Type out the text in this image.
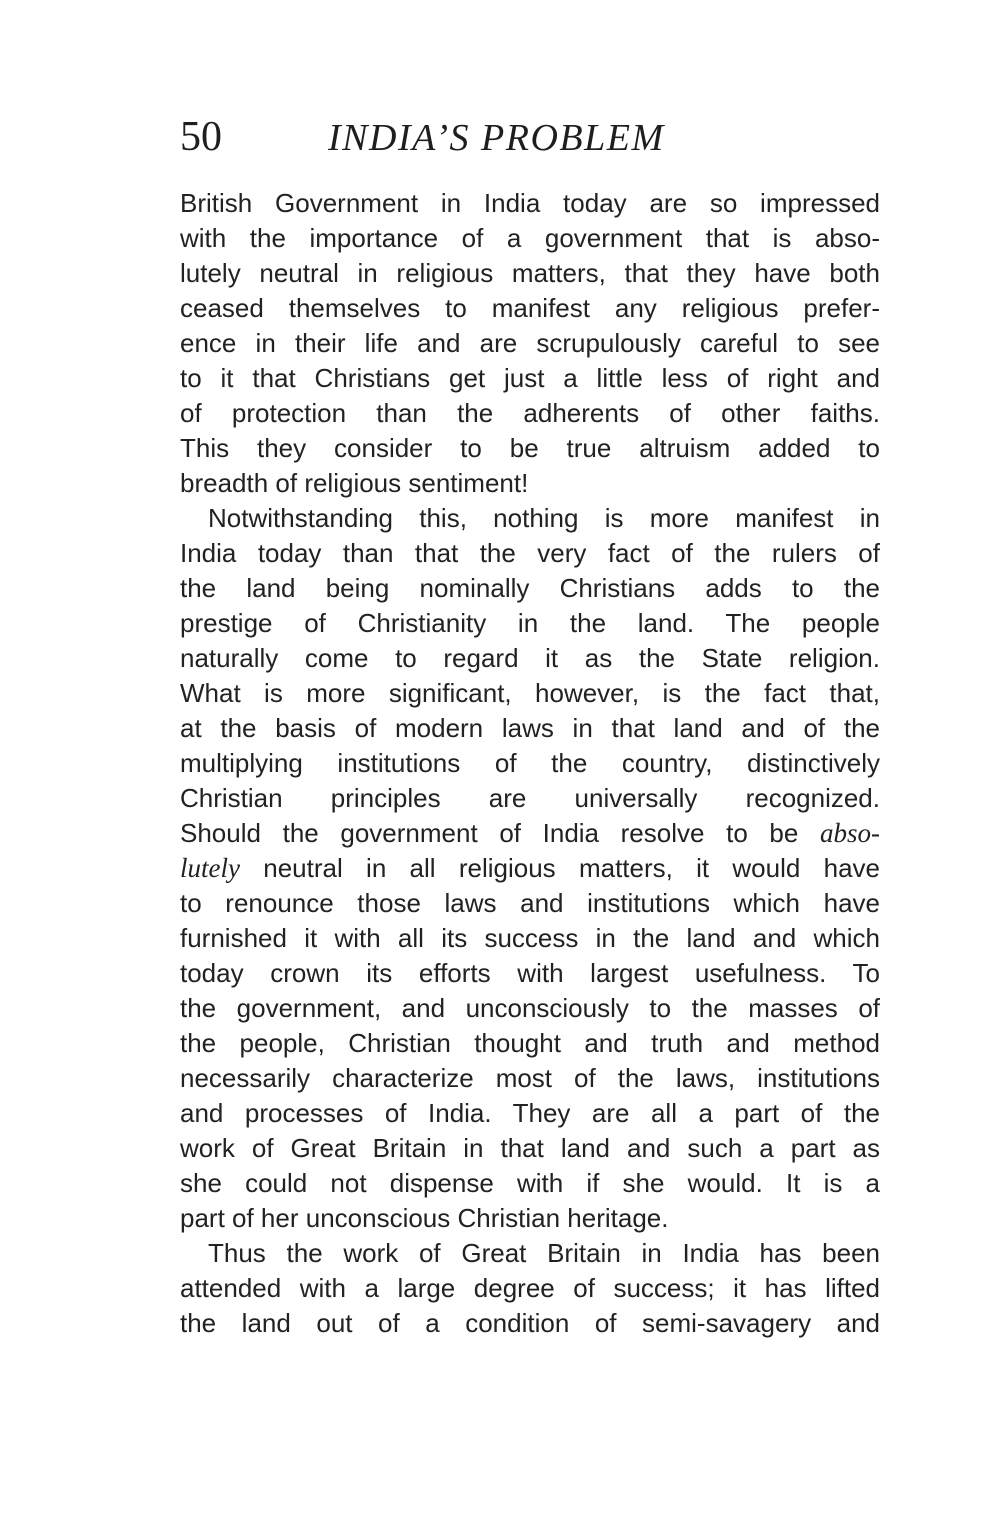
50	INDIA’S PROBLEM
British Government in India today are so impressed
with the importance of a government that is abso-
lutely neutral in religious matters, that they have both
ceased themselves to manifest any religious prefer-
ence in their life and are scrupulously careful to see
to it that Christians get just a little less of right and
of protection than the adherents of other faiths.
This they consider to be true altruism added to
breadth of religious sentiment!
Notwithstanding this, nothing is more manifest in
India today than that the very fact of the rulers of
the land being nominally Christians adds to the
prestige of Christianity in the land. The people
naturally come to regard it as the State religion.
What is more significant, however, is the fact that,
at the basis of modern laws in that land and of the
multiplying institutions of the country, distinctively
Christian principles are universally recognized.
Should the government of India resolve to be abso-
lutely neutral in all religious matters, it would have
to renounce those laws and institutions which have
furnished it with all its success in the land and which
today crown its efforts with largest usefulness. To
the government, and unconsciously to the masses of
the people, Christian thought and truth and method
necessarily characterize most of the laws, institutions
and processes of India. They are all a part of the
work of Great Britain in that land and such a part as
she could not dispense with if she would. It is a
part of her unconscious Christian heritage.
Thus the work of Great Britain in India has been
attended with a large degree of success; it has lifted
the land out of a condition of semi-savagery and
